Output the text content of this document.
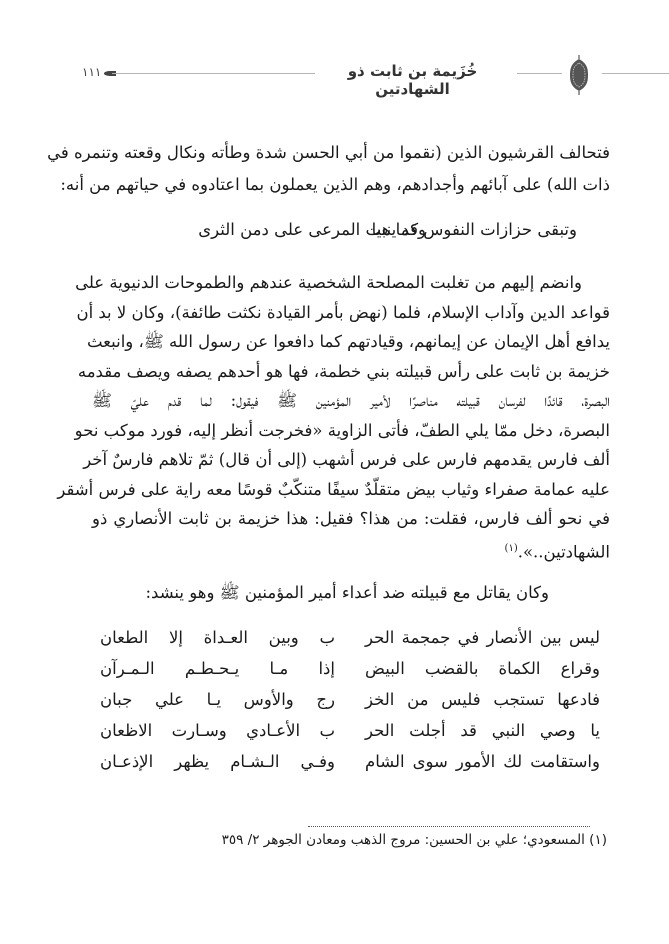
١١١	خُزَيمة بن ثابت ذو الشهادتين
فتحالف القرشيون الذين (نقموا من أبي الحسن شدة وطأته ونكال وقعته وتنمره في
ذات الله) على آبائهم وأجدادهم، وهم الذين يعملون بما اعتادوه في حياتهم من أنه:
وقد ينبت المرعى على دمن الثرى
وتبقى حزازات النفوس كما هيا
وانضم إليهم من تغلبت المصلحة الشخصية عندهم والطموحات الدنيوية على
قواعد الدين وآداب الإسلام، فلما (نهض بأمر القيادة نكثت طائفة)، وكان لا بد أن
يدافع أهل الإيمان عن إيمانهم، وقيادتهم كما دافعوا عن رسول الله ﷺ، وانبعث
خزيمة بن ثابت على رأس قبيلته بني خطمة، فها هو أحدهم يصفه ويصف مقدمه
البصرة، قائدًا لفرسان قبيلته مناصرًا لأمير المؤمنين ﷺ فيقول: لما قدم عليّ ﷺ
البصرة، دخل ممّا يلي الطفّ، فأتى الزاوية «فخرجت أنظر إليه، فورد موكب نحو
ألف فارس يقدمهم فارس على فرس أشهب (إلى أن قال) ثمّ تلاهم فارسٌ آخر
عليه عمامة صفراء وثياب بيض متقلّدٌ سيفًا متنكّبٌ قوسًا معه راية على فرس أشقر
في نحو ألف فارس، فقلت: من هذا؟ فقيل: هذا خزيمة بن ثابت الأنصاري ذو
الشهادتين..».$^{(١)}$
وكان يقاتل مع قبيلته ضد أعداء أمير المؤمنين ﷺ وهو ينشد:
ليس بين الأنصار في جمجمة الحر
ب وبين العـداة إلا الطعان
وقراع الكماة بالقضب البيض
إذا مـا يـحـطـم الـمـرآن
فادعها تستجب فليس من الخز
رج والأوس يـا علي جبان
يا وصي النبي قد أجلت الحر
ب الأعـادي وسـارت الاظعان
واستقامت لك الأمور سوى الشام
وفـي الـشـام يظهر الإذعـان
(١) المسعودي؛ علي بن الحسين: مروج الذهب ومعادن الجوهر ٢/ ٣٥٩
